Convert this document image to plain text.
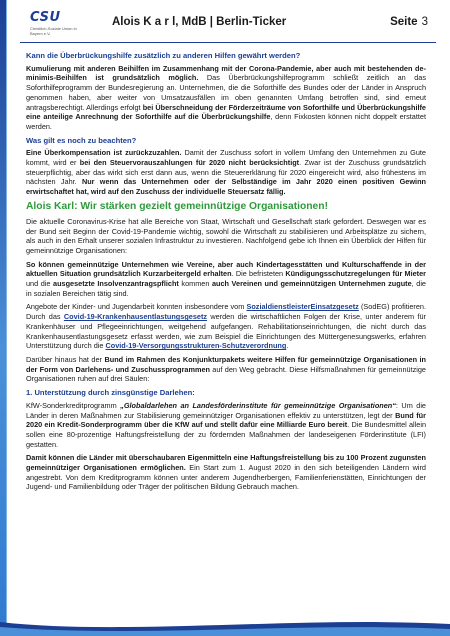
CSU
Christlich-Soziale Union in Bayern e.V.
Alois K a r l, MdB | Berlin-Ticker	Seite 3
Kann die Überbrückungshilfe zusätzlich zu anderen Hilfen gewährt werden?

Kumulierung mit anderen Beihilfen im Zusammenhang mit der Corona-Pandemie, aber auch mit bestehenden de-minimis-Beihilfen ist grundsätzlich möglich. Das Überbrückungshilfeprogramm schließt zeitlich an das Soforthilfeprogramm der Bundesregierung an. Unternehmen, die die Soforthilfe des Bundes oder der Länder in Anspruch genommen haben, aber weiter von Umsatzausfällen im oben genannten Umfang betroffen sind, sind erneut antragsberechtigt. Allerdings erfolgt bei Überschneidung der Förderzeiträume von Soforthilfe und Überbrückungshilfe eine anteilige Anrechnung der Soforthilfe auf die Überbrückungshilfe, denn Fixkosten können nicht doppelt erstattet werden.

Was gilt es noch zu beachten?

Eine Überkompensation ist zurückzuzahlen. Damit der Zuschuss sofort in vollem Umfang den Unternehmen zu Gute kommt, wird er bei den Steuervorauszahlungen für 2020 nicht berücksichtigt. Zwar ist der Zuschuss grundsätzlich steuerpflichtig, aber das wirkt sich erst dann aus, wenn die Steuererklärung für 2020 eingereicht wird, also frühestens im nächsten Jahr. Nur wenn das Unternehmen oder der Selbständige im Jahr 2020 einen positiven Gewinn erwirtschaftet hat, wird auf den Zuschuss der individuelle Steuersatz fällig.

Alois Karl: Wir stärken gezielt gemeinnützige Organisationen!

Die aktuelle Coronavirus-Krise hat alle Bereiche von Staat, Wirtschaft und Gesellschaft stark gefordert. Deswegen war es der Bund seit Beginn der Covid-19-Pandemie wichtig, sowohl die Wirtschaft zu stabilisieren und Arbeitsplätze zu sichern, als auch in den Erhalt unserer sozialen Infrastruktur zu investieren. Nachfolgend gebe ich Ihnen ein Überblick der Hilfen für gemeinnützige Organisationen:

So können gemeinnützige Unternehmen wie Vereine, aber auch Kindertagesstätten und Kulturschaffende in der aktuellen Situation grundsätzlich Kurzarbeitergeld erhalten. Die befristeten Kündigungsschutzregelungen für Mieter und die ausgesetzte Insolvenzantragspflicht kommen auch Vereinen und gemeinnützigen Unternehmen zugute, die in sozialen Bereichen tätig sind.

Angebote der Kinder- und Jugendarbeit konnten insbesondere vom SozialdienstleisterEinsatzgesetz (SodEG) profitieren. Durch das Covid-19-Krankenhausentlastungsgesetz werden die wirtschaftlichen Folgen der Krise, unter anderem für Krankenhäuser und Pflegeeinrichtungen, weitgehend aufgefangen. Rehabilitationseinrichtungen, die nicht durch das Krankenhausentlastungsgesetz erfasst werden, wie zum Beispiel die Einrichtungen des Müttergenesungswerks, erfahren Unterstützung durch die Covid-19-Versorgungsstrukturen-Schutzverordnung.

Darüber hinaus hat der Bund im Rahmen des Konjunkturpakets weitere Hilfen für gemeinnützige Organisationen in der Form von Darlehens- und Zuschussprogrammen auf den Weg gebracht. Diese Hilfsmaßnahmen für gemeinnützige Organisationen ruhen auf drei Säulen:

1. Unterstützung durch zinsgünstige Darlehen:

KfW-Sonderkreditprogramm „Globaldarlehen an Landesförderinstitute für gemeinnützige Organisationen“: Um die Länder in deren Maßnahmen zur Stabilisierung gemeinnütziger Organisationen effektiv zu unterstützen, legt der Bund für 2020 ein Kredit-Sonderprogramm über die KfW auf und stellt dafür eine Milliarde Euro bereit. Die Bundesmittel allein sollen eine 80-prozentige Haftungsfreistellung der zu fördernden Maßnahmen der landeseigenen Förderinstitute (LFI) gestatten.

Damit können die Länder mit überschaubaren Eigenmitteln eine Haftungsfreistellung bis zu 100 Prozent zugunsten gemeinnütziger Organisationen ermöglichen. Ein Start zum 1. August 2020 in den sich beteiligenden Ländern wird angestrebt. Von dem Kreditprogramm können unter anderem Jugendherbergen, Familienferienstätten, Einrichtungen der Jugend- und Familienbildung oder Träger der politischen Bildung Gebrauch machen.
